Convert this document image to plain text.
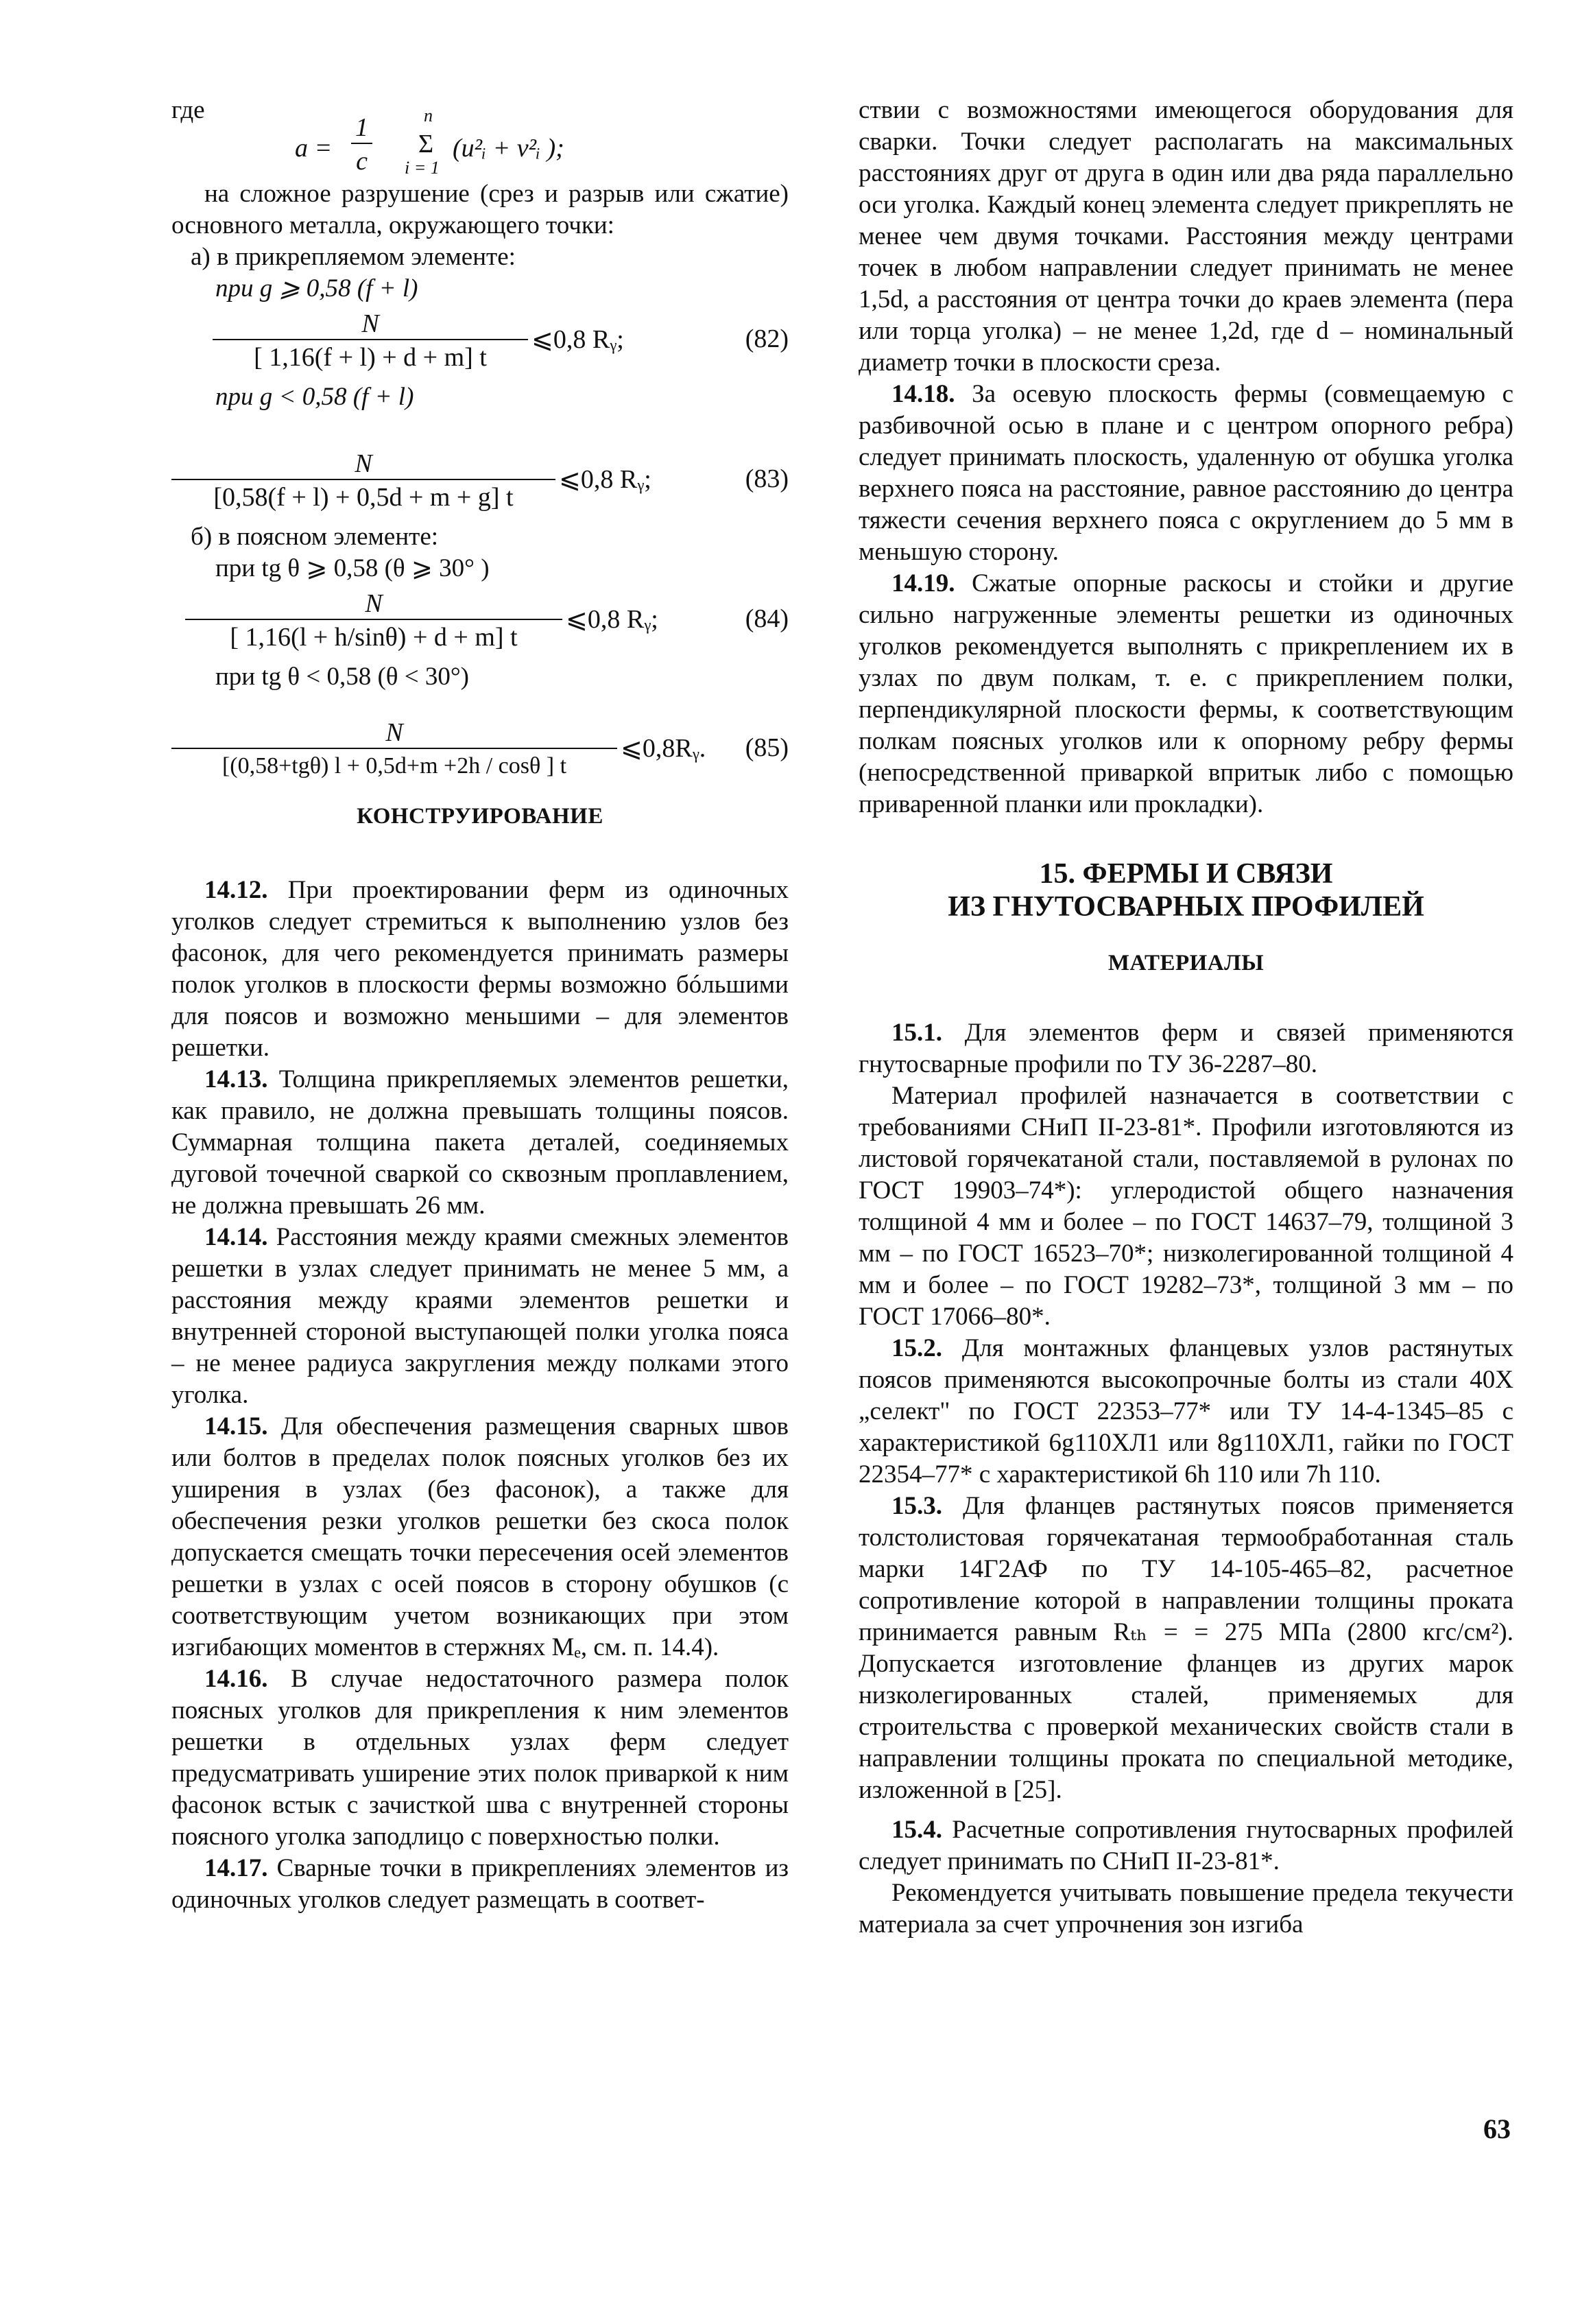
где

a =
1
c
n
Σ
i = 1
(u²ᵢ + v²ᵢ );

на сложное разрушение (срез и разрыв или сжатие) основного металла, окружающего точки:

а) в прикрепляемом элементе:

при g ⩾ 0,58 (f + l)

N
[ 1,16(f + l) + d + m] t
⩽0,8 Rᵧ;	(82)

при g < 0,58 (f + l)

N
[0,58(f + l) + 0,5d + m + g] t
⩽0,8 Rᵧ;	(83)

б) в поясном элементе:

при tg θ ⩾ 0,58 (θ ⩾ 30° )

N
[ 1,16(l + h/sinθ) + d + m] t
⩽0,8 Rᵧ;	(84)

при tg θ < 0,58 (θ < 30°)

N
[(0,58+tgθ) l + 0,5d+m +2h / cosθ ] t
⩽0,8Rᵧ. (85)
КОНСТРУИРОВАНИЕ

14.12. При проектировании ферм из одиночных уголков следует стремиться к выполнению узлов без фасонок, для чего рекомендуется принимать размеры полок уголков в плоскости фермы возможно бóльшими для поясов и возможно меньшими – для элементов решетки.

14.13. Толщина прикрепляемых элементов решетки, как правило, не должна превышать толщины поясов. Суммарная толщина пакета деталей, соединяемых дуговой точечной сваркой со сквозным проплавлением, не должна превышать 26 мм.

14.14. Расстояния между краями смежных элементов решетки в узлах следует принимать не менее 5 мм, а расстояния между краями элементов решетки и внутренней стороной выступающей полки уголка пояса – не менее радиуса закругления между полками этого уголка.

14.15. Для обеспечения размещения сварных швов или болтов в пределах полок поясных уголков без их уширения в узлах (без фасонок), а также для обеспечения резки уголков решетки без скоса полок допускается смещать точки пересечения осей элементов решетки в узлах с осей поясов в сторону обушков (с соответствующим учетом возникающих при этом изгибающих моментов в стержнях Mₑ, см. п. 14.4).

14.16. В случае недостаточного размера полок поясных уголков для прикрепления к ним элементов решетки в отдельных узлах ферм следует предусматривать уширение этих полок приваркой к ним фасонок встык с зачисткой шва с внутренней стороны поясного уголка заподлицо с поверхностью полки.

14.17. Сварные точки в прикреплениях элементов из одиночных уголков следует размещать в соответ-

ствии с возможностями имеющегося оборудования для сварки. Точки следует располагать на максимальных расстояниях друг от друга в один или два ряда параллельно оси уголка. Каждый конец элемента следует прикреплять не менее чем двумя точками. Расстояния между центрами точек в любом направлении следует принимать не менее 1,5d, а расстояния от центра точки до краев элемента (пера или торца уголка) – не менее 1,2d, где d – номинальный диаметр точки в плоскости среза.

14.18. За осевую плоскость фермы (совмещаемую с разбивочной осью в плане и с центром опорного ребра) следует принимать плоскость, удаленную от обушка уголка верхнего пояса на расстояние, равное расстоянию до центра тяжести сечения верхнего пояса с округлением до 5 мм в меньшую сторону.

14.19. Сжатые опорные раскосы и стойки и другие сильно нагруженные элементы решетки из одиночных уголков рекомендуется выполнять с прикреплением их в узлах по двум полкам, т. е. с прикреплением полки, перпендикулярной плоскости фермы, к соответствующим полкам поясных уголков или к опорному ребру фермы (непосредственной приваркой впритык либо с помощью приваренной планки или прокладки).

15. ФЕРМЫ И СВЯЗИ
ИЗ ГНУТОСВАРНЫХ ПРОФИЛЕЙ
МАТЕРИАЛЫ

15.1. Для элементов ферм и связей применяются гнутосварные профили по ТУ 36-2287–80.

Материал профилей назначается в соответствии с требованиями СНиП II-23-81*. Профили изготовляются из листовой горячекатаной стали, поставляемой в рулонах по ГОСТ 19903–74*): углеродистой общего назначения толщиной 4 мм и более – по ГОСТ 14637–79, толщиной 3 мм – по ГОСТ 16523–70*; низколегированной толщиной 4 мм и более – по ГОСТ 19282–73*, толщиной 3 мм – по ГОСТ 17066–80*.

15.2. Для монтажных фланцевых узлов растянутых поясов применяются высокопрочные болты из стали 40Х „селект" по ГОСТ 22353–77* или ТУ 14-4-1345–85 с характеристикой 6g110ХЛ1 или 8g110ХЛ1, гайки по ГОСТ 22354–77* с характеристикой 6h 110 или 7h 110.

15.3. Для фланцев растянутых поясов применяется толстолистовая горячекатаная термообработанная сталь марки 14Г2АФ по ТУ 14-105-465–82, расчетное сопротивление которой в направлении толщины проката принимается равным Rₜₕ = = 275 МПа (2800 кгс/см²). Допускается изготовление фланцев из других марок низколегированных сталей, применяемых для строительства с проверкой механических свойств стали в направлении толщины проката по специальной методике, изложенной в [25].

15.4. Расчетные сопротивления гнутосварных профилей следует принимать по СНиП II-23-81*.

Рекомендуется учитывать повышение предела текучести материала за счет упрочнения зон изгиба

63
